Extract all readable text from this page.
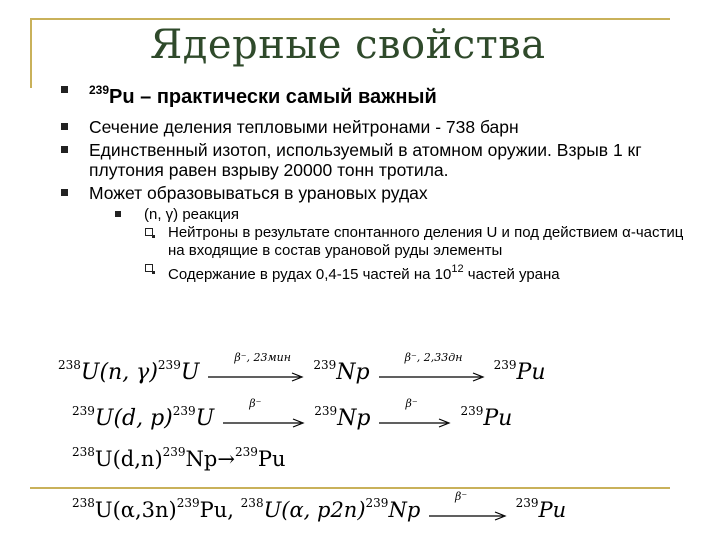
Ядерные свойства
$^{239}$Pu – практически самый важный
Сечение деления тепловыми нейтронами - 738 барн
Единственный изотоп, используемый в атомном оружии. Взрыв 1 кг плутония равен взрыву 20000 тонн тротила.
Может образовываться в урановых рудах
(n, γ) реакция
Нейтроны в результате спонтанного деления U и под действием α-частиц на входящие в состав урановой руды элементы
Содержание в рудах 0,4-15 частей на $10^{12}$ частей урана
$^{238}$U(n, γ)$^{239}$U
β⁻, 23мин
$^{239}$Np
β⁻, 2,33дн
$^{239}$Pu
$^{239}$U(d, p)$^{239}$U
β⁻
$^{239}$Np
β⁻
$^{239}$Pu
$^{238}U(d,n)^{239}Np\to^{239}Pu$
$^{238}U(\alpha,3n)^{239}Pu$, $^{238}$U(α, p2n)$^{239}$Np
β⁻	$^{239}$Pu
